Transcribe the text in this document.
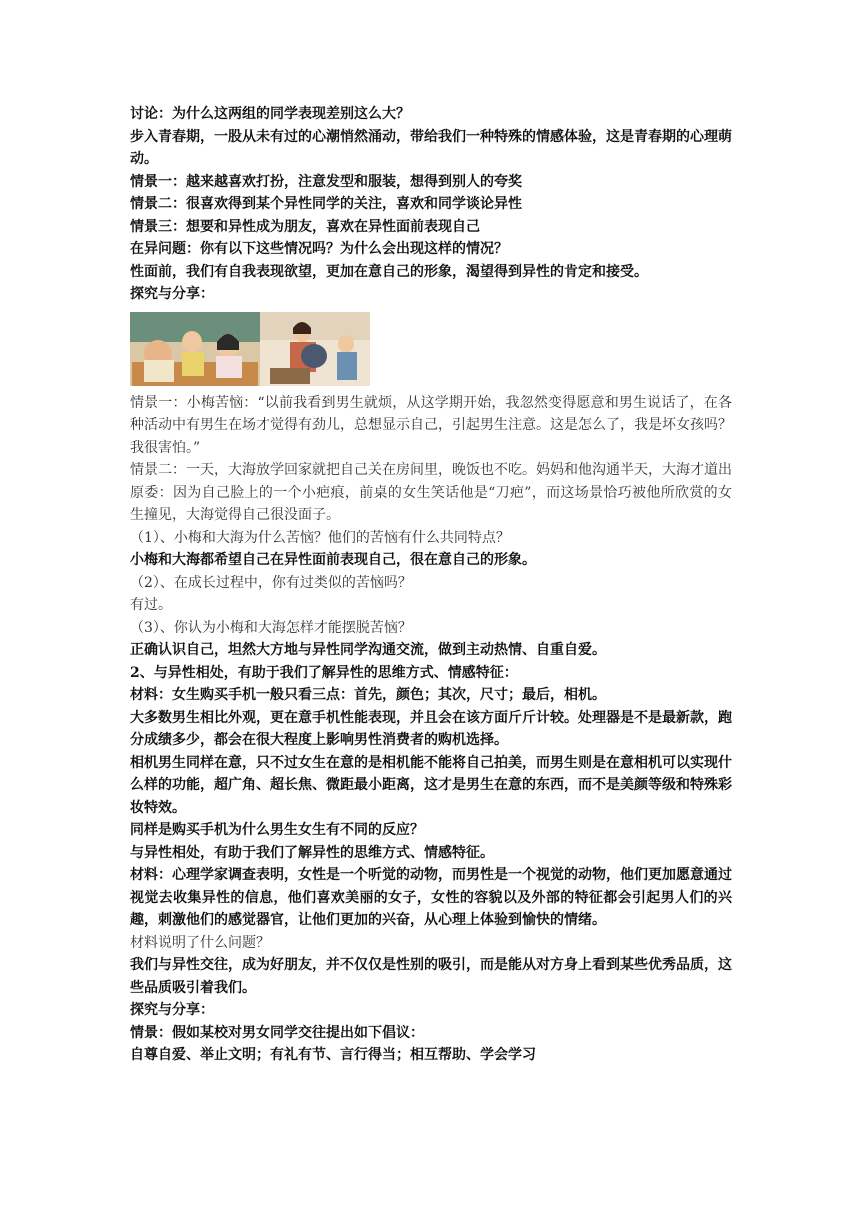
讨论：为什么这两组的同学表现差别这么大？

步入青春期，一股从未有过的心潮悄然涌动，带给我们一种特殊的情感体验，这是青春期的心理萌动。

情景一：越来越喜欢打扮，注意发型和服装，想得到别人的夸奖

情景二：很喜欢得到某个异性同学的关注，喜欢和同学谈论异性

情景三：想要和异性成为朋友，喜欢在异性面前表现自己

在异问题：你有以下这些情况吗？为什么会出现这样的情况？

性面前，我们有自我表现欲望，更加在意自己的形象，渴望得到异性的肯定和接受。

探究与分享：

情景一：小梅苦恼：“以前我看到男生就烦，从这学期开始，我忽然变得愿意和男生说话了，在各种活动中有男生在场才觉得有劲儿，总想显示自己，引起男生注意。这是怎么了，我是坏女孩吗？我很害怕。”

情景二：一天，大海放学回家就把自己关在房间里，晚饭也不吃。妈妈和他沟通半天，大海才道出原委：因为自己脸上的一个小疤痕，前桌的女生笑话他是“刀疤”，而这场景恰巧被他所欣赏的女生撞见，大海觉得自己很没面子。

（1）、小梅和大海为什么苦恼？他们的苦恼有什么共同特点？

小梅和大海都希望自己在异性面前表现自己，很在意自己的形象。

（2）、在成长过程中，你有过类似的苦恼吗？

有过。

（3）、你认为小梅和大海怎样才能摆脱苦恼？

正确认识自己，坦然大方地与异性同学沟通交流，做到主动热情、自重自爱。

2、与异性相处，有助于我们了解异性的思维方式、情感特征：

材料：女生购买手机一般只看三点：首先，颜色；其次，尺寸；最后，相机。

大多数男生相比外观，更在意手机性能表现，并且会在该方面斤斤计较。处理器是不是最新款，跑分成绩多少，都会在很大程度上影响男性消费者的购机选择。

相机男生同样在意，只不过女生在意的是相机能不能将自己拍美，而男生则是在意相机可以实现什么样的功能，超广角、超长焦、微距最小距离，这才是男生在意的东西，而不是美颜等级和特殊彩妆特效。

同样是购买手机为什么男生女生有不同的反应？

与异性相处，有助于我们了解异性的思维方式、情感特征。

材料：心理学家调查表明，女性是一个听觉的动物，而男性是一个视觉的动物，他们更加愿意通过视觉去收集异性的信息，他们喜欢美丽的女子，女性的容貌以及外部的特征都会引起男人们的兴趣，刺激他们的感觉器官，让他们更加的兴奋，从心理上体验到愉快的情绪。

材料说明了什么问题？

我们与异性交往，成为好朋友，并不仅仅是性别的吸引，而是能从对方身上看到某些优秀品质，这些品质吸引着我们。

探究与分享：

情景：假如某校对男女同学交往提出如下倡议：

自尊自爱、举止文明；有礼有节、言行得当；相互帮助、学会学习
